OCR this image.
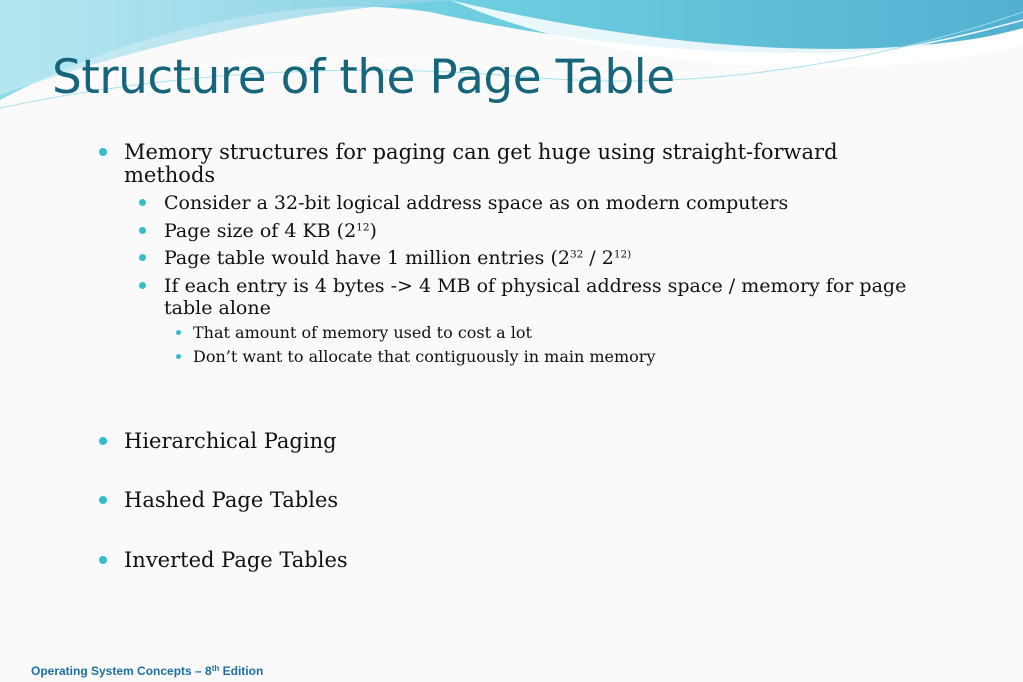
Structure of the Page Table
Memory structures for paging can get huge using straight-forward
methods
Consider a 32-bit logical address space as on modern computers
Page size of 4 KB $(2^{12})$
Page table would have 1 million entries ($2^{32} / 2^{12)}$
If each entry is 4 bytes -> 4 MB of physical address space / memory for page
table alone
That amount of memory used to cost a lot
Don’t want to allocate that contiguously in main memory
Hierarchical Paging
Hashed Page Tables
Inverted Page Tables
Operating System Concepts – 8th Edition
